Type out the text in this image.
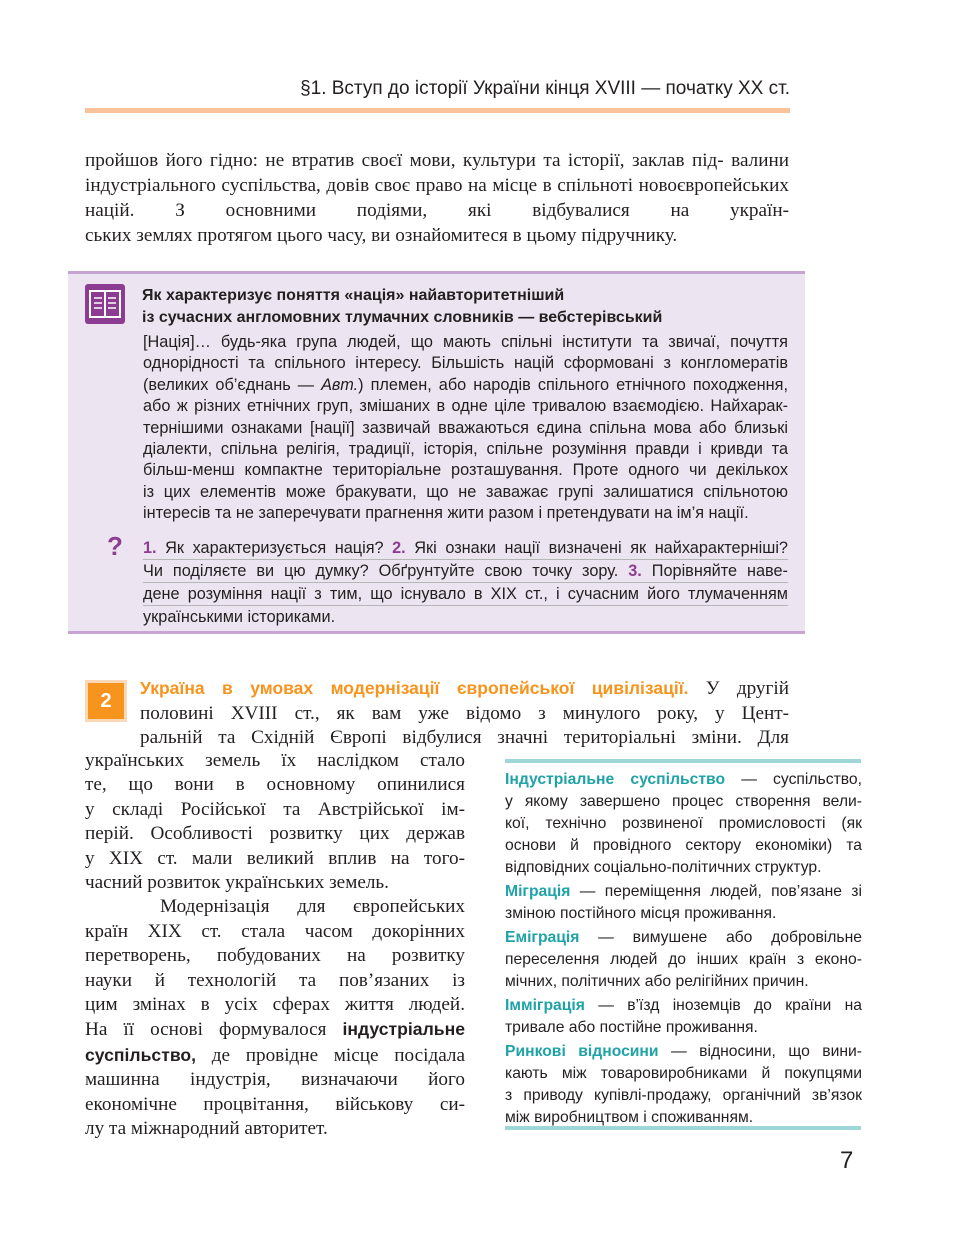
§1. Вступ до історії України кінця XVIII — початку XX ст.

пройшов його гідно: не втратив своєї мови, культури та історії, заклав під- валини індустріального суспільства, довів своє право на місце в спільноті новоєвропейських націй. З основними подіями, які відбувалися на україн-
ських землях протягом цього часу, ви ознайомитеся в цьому підручнику.

Як характеризує поняття «нація» найавторитетніший
із сучасних англомовних тлумачних словників — вебстерівський
[Нація]… будь-яка група людей, що мають спільні інститути та звичаї, почуття
однорідності та спільного інтересу. Більшість націй сформовані з конгломератів
(великих об’єднань — Авт.) племен, або народів спільного етнічного походження,
або ж різних етнічних груп, змішаних в одне ціле тривалою взаємодією. Найхарак-
тернішими ознаками [нації] зазвичай вважаються єдина спільна мова або близькі
діалекти, спільна релігія, традиції, історія, спільне розуміння правди і кривди та
більш-менш компактне територіальне розташування. Проте одного чи декількох
із цих елементів може бракувати, що не заважає групі залишатися спільнотою
інтересів та не заперечувати прагнення жити разом і претендувати на ім’я нації.
? 1. Як характеризується нація? 2. Які ознаки нації визначені як найхарактерніші?
Чи поділяєте ви цю думку? Обґрунтуйте свою точку зору. 3. Порівняйте наве-
дене розуміння нації з тим, що існувало в XIX ст., і сучасним його тлумаченням
українськими істориками.
2

Україна в умовах модернізації європейської цивілізації. У другій
половині XVIII ст., як вам уже відомо з минулого року, у Цент-
ральній та Східній Європі відбулися значні територіальні зміни. Для

українських земель їх наслідком стало
те, що вони в основному опинилися
у складі Російської та Австрійської ім-
перій. Особливості розвитку цих держав
у XIX ст. мали великий вплив на того-
часний розвиток українських земель.
Модернізація для європейських
країн XIX ст. стала часом докорінних
перетворень, побудованих на розвитку
науки й технологій та пов’язаних із
цим змінах в усіх сферах життя людей.
На її основі формувалося індустріальне
суспільство, де провідне місце посідала
машинна індустрія, визначаючи його
економічне процвітання, військову си-
лу та міжнародний авторитет.

Індустріальне суспільство — суспільство,
у якому завершено процес створення вели-
кої, технічно розвиненої промисловості (як
основи й провідного сектору економіки) та
відповідних соціально-політичних структур.
Міграція — переміщення людей, пов’язане зі
зміною постійного місця проживання.
Еміграція — вимушене або добровільне
переселення людей до інших країн з еконо-
мічних, політичних або релігійних причин.
Імміграція — в’їзд іноземців до країни на
тривале або постійне проживання.
Ринкові відносини — відносини, що вини-
кають між товаровиробниками й покупцями
з приводу купівлі-продажу, органічний зв’язок
між виробництвом і споживанням.
7
